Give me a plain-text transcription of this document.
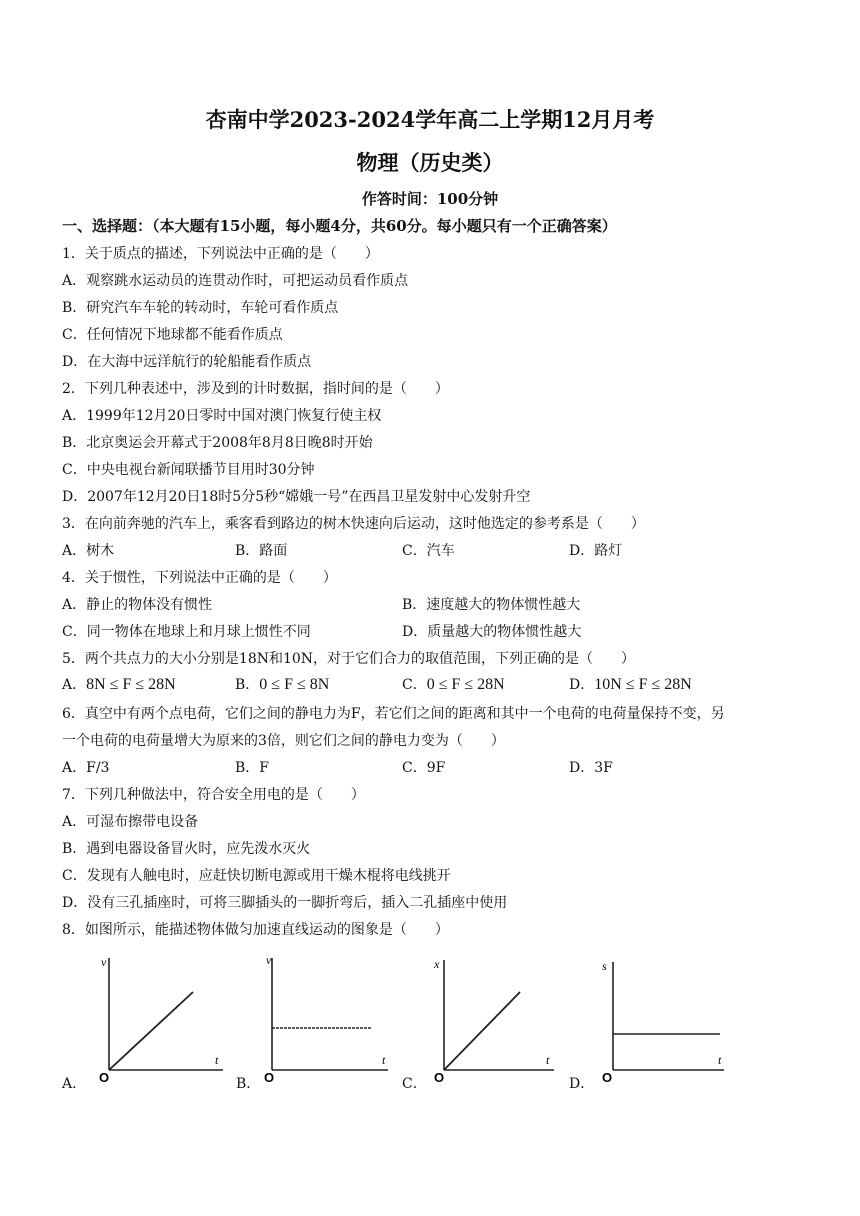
杏南中学2023-2024学年高二上学期12月月考
物理（历史类）
作答时间：100分钟
一、选择题：（本大题有15小题，每小题4分，共60分。每小题只有一个正确答案）
1．关于质点的描述，下列说法中正确的是（　　）
A．观察跳水运动员的连贯动作时，可把运动员看作质点
B．研究汽车车轮的转动时，车轮可看作质点
C．任何情况下地球都不能看作质点
D．在大海中远洋航行的轮船能看作质点
2．下列几种表述中，涉及到的计时数据，指时间的是（　　）
A．1999年12月20日零时中国对澳门恢复行使主权
B．北京奥运会开幕式于2008年8月8日晚8时开始
C．中央电视台新闻联播节目用时30分钟
D．2007年12月20日18时5分5秒“嫦娥一号”在西昌卫星发射中心发射升空
3．在向前奔驰的汽车上，乘客看到路边的树木快速向后运动，这时他选定的参考系是（　　）
A．树木	B．路面	C．汽车	D．路灯
4．关于惯性，下列说法中正确的是（　　）
A．静止的物体没有惯性	B．速度越大的物体惯性越大
C．同一物体在地球上和月球上惯性不同	D．质量越大的物体惯性越大
5．两个共点力的大小分别是18N和10N，对于它们合力的取值范围，下列正确的是（　　）
A．8N ≤ F ≤ 28N	B．0 ≤ F ≤ 8N	C．0 ≤ F ≤ 28N	D．10N ≤ F ≤ 28N
6．真空中有两个点电荷，它们之间的静电力为F，若它们之间的距离和其中一个电荷的电荷量保持不变，另
一个电荷的电荷量增大为原来的3倍，则它们之间的静电力变为（　　）
A．F/3	B．F	C．9F	D．3F
7．下列几种做法中，符合安全用电的是（　　）
A．可湿布擦带电设备
B．遇到电器设备冒火时，应先泼水灭火
C．发现有人触电时，应赶快切断电源或用干燥木棍将电线挑开
D．没有三孔插座时，可将三脚插头的一脚折弯后，插入二孔插座中使用
8．如图所示，能描述物体做匀加速直线运动的图象是（　　）
A．	B．	C．	D．
v
t
O
v
t
O
x
t
O
s
t
O
